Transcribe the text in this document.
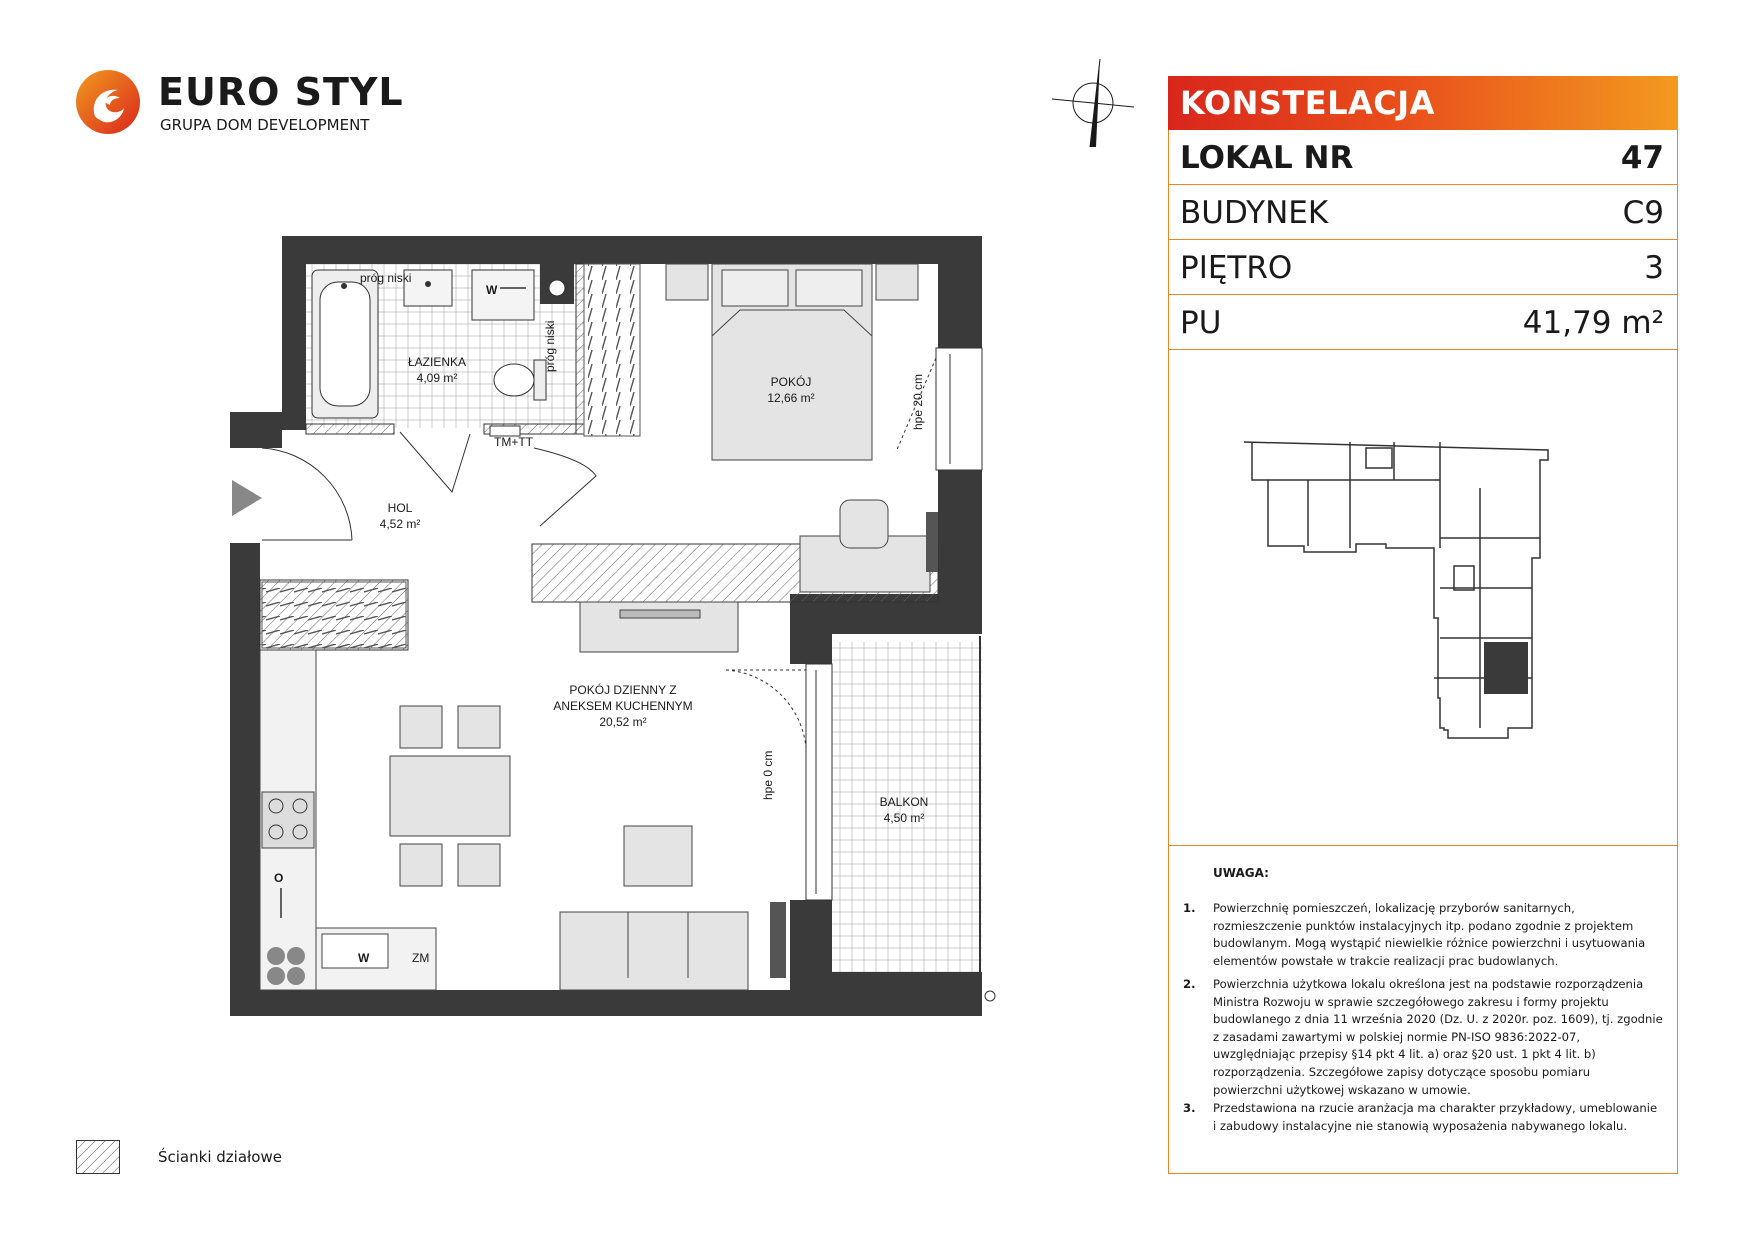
EURO STYL
GRUPA DOM DEVELOPMENT
W
próg niski
próg niski
TM+TT
hpe 20 cm
O
W	ZM
hpe 0 cm
ŁAZIENKA
4,09 m²	POKÓJ
12,66 m²
HOL
4,52 m²
POKÓJ DZIENNY Z
ANEKSEM KUCHENNYM
20,52 m²
BALKON
4,50 m²
Ścianki działowe
KONSTELACJA
LOKAL NR	47
BUDYNEK	C9
PIĘTRO	3
PU	41,79 m²
UWAGA:
1. Powierzchnię pomieszczeń, lokalizację przyborów sanitarnych, rozmieszczenie punktów instalacyjnych itp. podano zgodnie z projektem budowlanym. Mogą wystąpić niewielkie różnice powierzchni i usytuowania elementów powstałe w trakcie realizacji prac budowlanych.
2. Powierzchnia użytkowa lokalu określona jest na podstawie rozporządzenia Ministra Rozwoju w sprawie szczegółowego zakresu i formy projektu budowlanego z dnia 11 września 2020 (Dz. U. z 2020r. poz. 1609), tj. zgodnie z zasadami zawartymi w polskiej normie PN-ISO 9836:2022-07, uwzględniając przepisy §14 pkt 4 lit. a) oraz §20 ust. 1 pkt 4 lit. b) rozporządzenia. Szczegółowe zapisy dotyczące sposobu pomiaru powierzchni użytkowej wskazano w umowie.
3. Przedstawiona na rzucie aranżacja ma charakter przykładowy, umeblowanie i zabudowy instalacyjne nie stanowią wyposażenia nabywanego lokalu.
